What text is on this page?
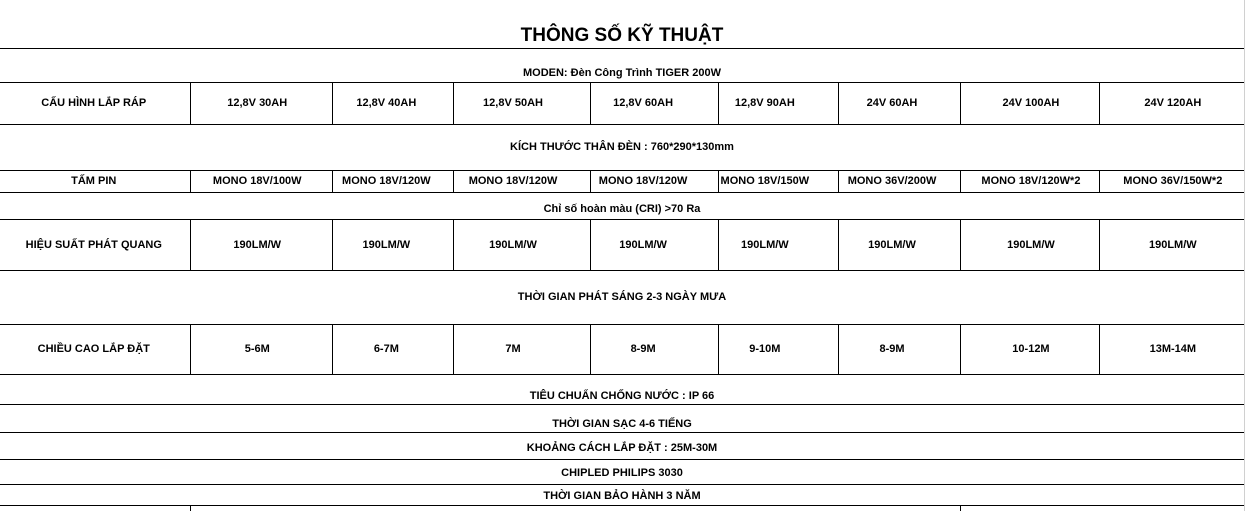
THÔNG SỐ KỸ THUẬT
MODEN: Đèn Công Trình TIGER 200W
CẤU HÌNH LẮP RÁP	12,8V 30AH	12,8V 40AH	12,8V 50AH	12,8V 60AH	12,8V 90AH	24V 60AH	24V 100AH	24V 120AH
KÍCH THƯỚC THÂN ĐÈN : 760*290*130mm
TẤM PIN	MONO 18V/100W	MONO 18V/120W	MONO 18V/120W	MONO 18V/120W	MONO 18V/150W	MONO 36V/200W	MONO 18V/120W*2	MONO 36V/150W*2
Chỉ số hoàn màu (CRI) >70 Ra
HIỆU SUẤT PHÁT QUANG	190LM/W	190LM/W	190LM/W	190LM/W	190LM/W	190LM/W	190LM/W	190LM/W
THỜI GIAN PHÁT SÁNG 2-3 NGÀY MƯA
CHIỀU CAO LẮP ĐẶT	5-6M	6-7M	7M	8-9M	9-10M	8-9M	10-12M	13M-14M
TIÊU CHUẨN CHỐNG NƯỚC : IP 66
THỜI GIAN SẠC 4-6 TIẾNG
KHOẢNG CÁCH LẮP ĐẶT : 25M-30M
CHIPLED PHILIPS 3030
THỜI GIAN BẢO HÀNH 3 NĂM
